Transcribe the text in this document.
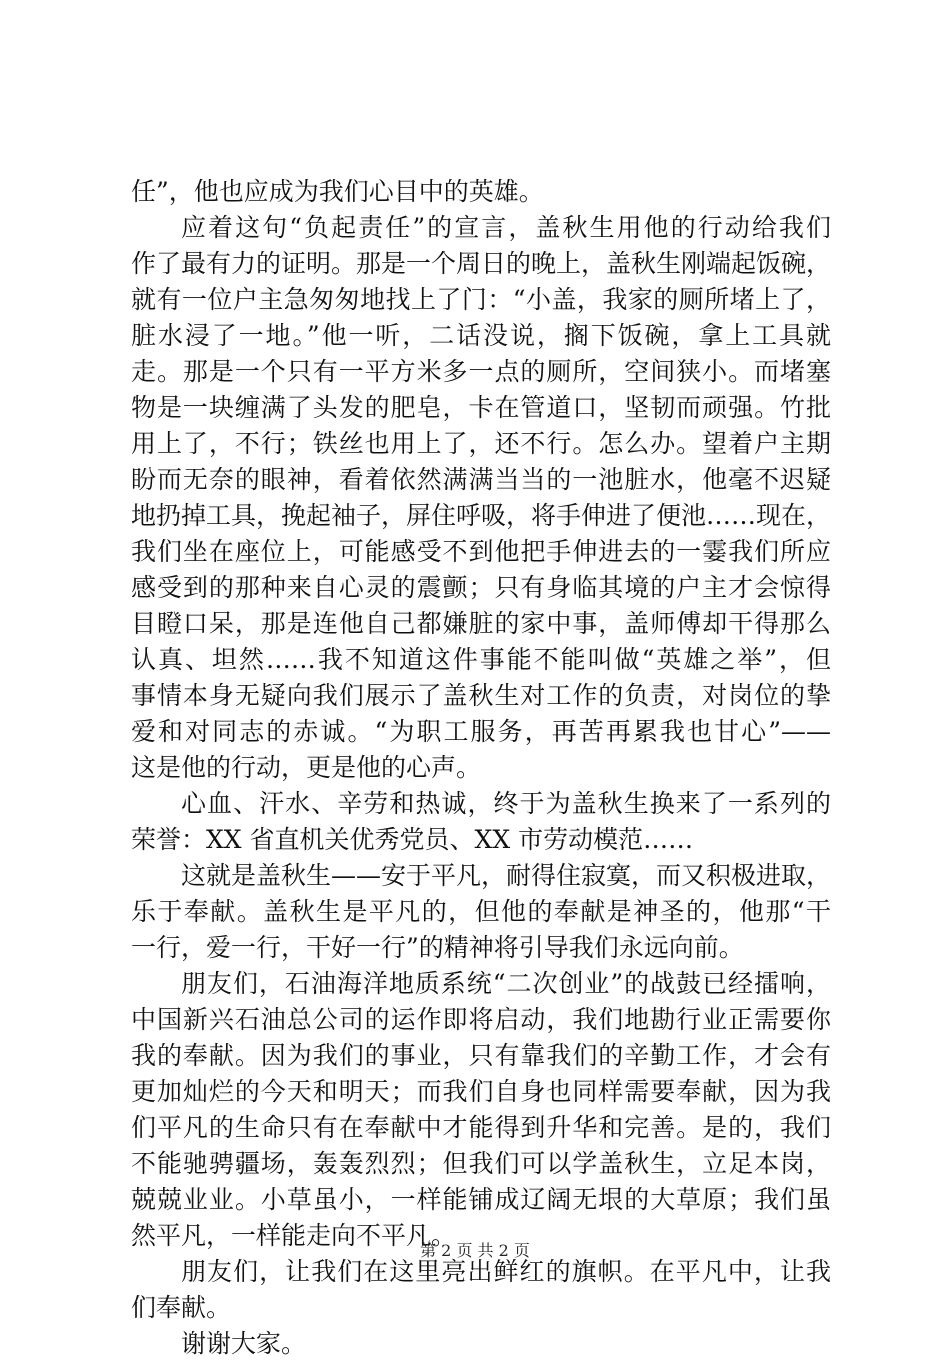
任”，他也应成为我们心目中的英雄。
应着这句“负起责任”的宣言，盖秋生用他的行动给我们
作了最有力的证明。那是一个周日的晚上，盖秋生刚端起饭碗，
就有一位户主急匆匆地找上了门：“小盖，我家的厕所堵上了，
脏水浸了一地。”他一听，二话没说，搁下饭碗，拿上工具就
走。那是一个只有一平方米多一点的厕所，空间狭小。而堵塞
物是一块缠满了头发的肥皂，卡在管道口，坚韧而顽强。竹批
用上了，不行；铁丝也用上了，还不行。怎么办。望着户主期
盼而无奈的眼神，看着依然满满当当的一池脏水，他毫不迟疑
地扔掉工具，挽起袖子，屏住呼吸，将手伸进了便池……现在，
我们坐在座位上，可能感受不到他把手伸进去的一霎我们所应
感受到的那种来自心灵的震颤；只有身临其境的户主才会惊得
目瞪口呆，那是连他自己都嫌脏的家中事，盖师傅却干得那么
认真、坦然……我不知道这件事能不能叫做“英雄之举”，但
事情本身无疑向我们展示了盖秋生对工作的负责，对岗位的挚
爱和对同志的赤诚。“为职工服务，再苦再累我也甘心”——
这是他的行动，更是他的心声。
心血、汗水、辛劳和热诚，终于为盖秋生换来了一系列的
荣誉：XX 省直机关优秀党员、XX 市劳动模范……
这就是盖秋生——安于平凡，耐得住寂寞，而又积极进取，
乐于奉献。盖秋生是平凡的，但他的奉献是神圣的，他那“干
一行，爱一行，干好一行”的精神将引导我们永远向前。
朋友们，石油海洋地质系统“二次创业”的战鼓已经擂响，
中国新兴石油总公司的运作即将启动，我们地勘行业正需要你
我的奉献。因为我们的事业，只有靠我们的辛勤工作，才会有
更加灿烂的今天和明天；而我们自身也同样需要奉献，因为我
们平凡的生命只有在奉献中才能得到升华和完善。是的，我们
不能驰骋疆场，轰轰烈烈；但我们可以学盖秋生，立足本岗，
兢兢业业。小草虽小，一样能铺成辽阔无垠的大草原；我们虽
然平凡，一样能走向不平凡。
朋友们，让我们在这里亮出鲜红的旗帜。在平凡中，让我
们奉献。
谢谢大家。
第 2 页 共 2 页
